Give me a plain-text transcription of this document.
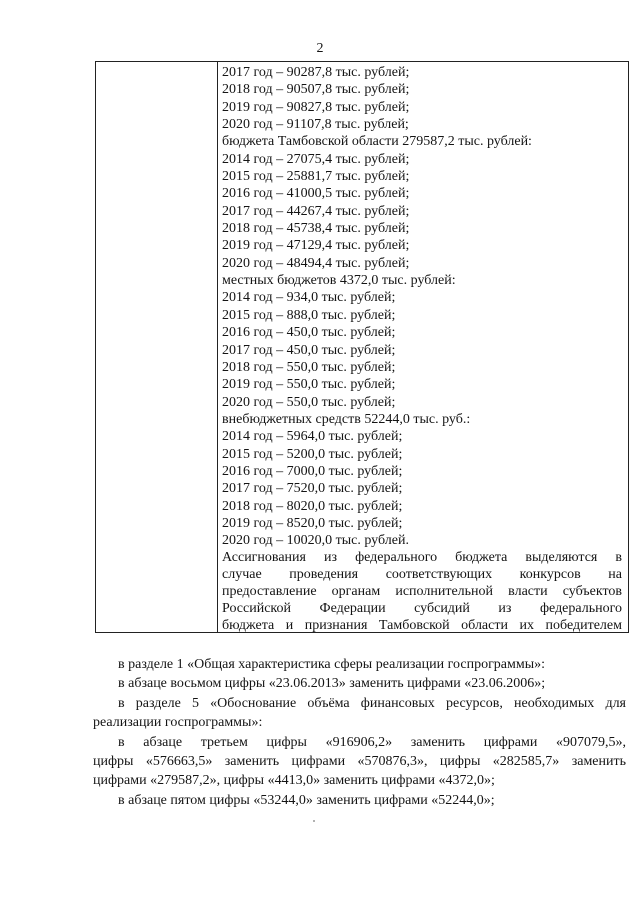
2
2017 год – 90287,8 тыс. рублей;
2018 год – 90507,8 тыс. рублей;
2019 год – 90827,8 тыс. рублей;
2020 год – 91107,8 тыс. рублей;
бюджета Тамбовской области 279587,2 тыс. рублей:
2014 год – 27075,4 тыс. рублей;
2015 год – 25881,7 тыс. рублей;
2016 год – 41000,5 тыс. рублей;
2017 год – 44267,4 тыс. рублей;
2018 год – 45738,4 тыс. рублей;
2019 год – 47129,4 тыс. рублей;
2020 год – 48494,4 тыс. рублей;
местных бюджетов 4372,0 тыс. рублей:
2014 год – 934,0 тыс. рублей;
2015 год – 888,0 тыс. рублей;
2016 год – 450,0 тыс. рублей;
2017 год – 450,0 тыс. рублей;
2018 год – 550,0 тыс. рублей;
2019 год – 550,0 тыс. рублей;
2020 год – 550,0 тыс. рублей;
внебюджетных средств 52244,0 тыс. руб.:
2014 год – 5964,0 тыс. рублей;
2015 год – 5200,0 тыс. рублей;
2016 год – 7000,0 тыс. рублей;
2017 год – 7520,0 тыс. рублей;
2018 год – 8020,0 тыс. рублей;
2019 год – 8520,0 тыс. рублей;
2020 год – 10020,0 тыс. рублей.
Ассигнования из федерального бюджета выделяются в
случае проведения соответствующих конкурсов на
предоставление органам исполнительной власти субъектов
Российской Федерации субсидий из федерального
бюджета и признания Тамбовской области их победителем
в разделе 1 «Общая характеристика сферы реализации госпрограммы»:
в абзаце восьмом цифры «23.06.2013» заменить цифрами «23.06.2006»;
в разделе 5 «Обоснование объёма финансовых ресурсов, необходимых для
реализации госпрограммы»:
в абзаце третьем цифры «916906,2» заменить цифрами «907079,5»,
цифры «576663,5» заменить цифрами «570876,3», цифры «282585,7» заменить
цифрами «279587,2», цифры «4413,0» заменить цифрами «4372,0»;
в абзаце пятом цифры «53244,0» заменить цифрами «52244,0»;
